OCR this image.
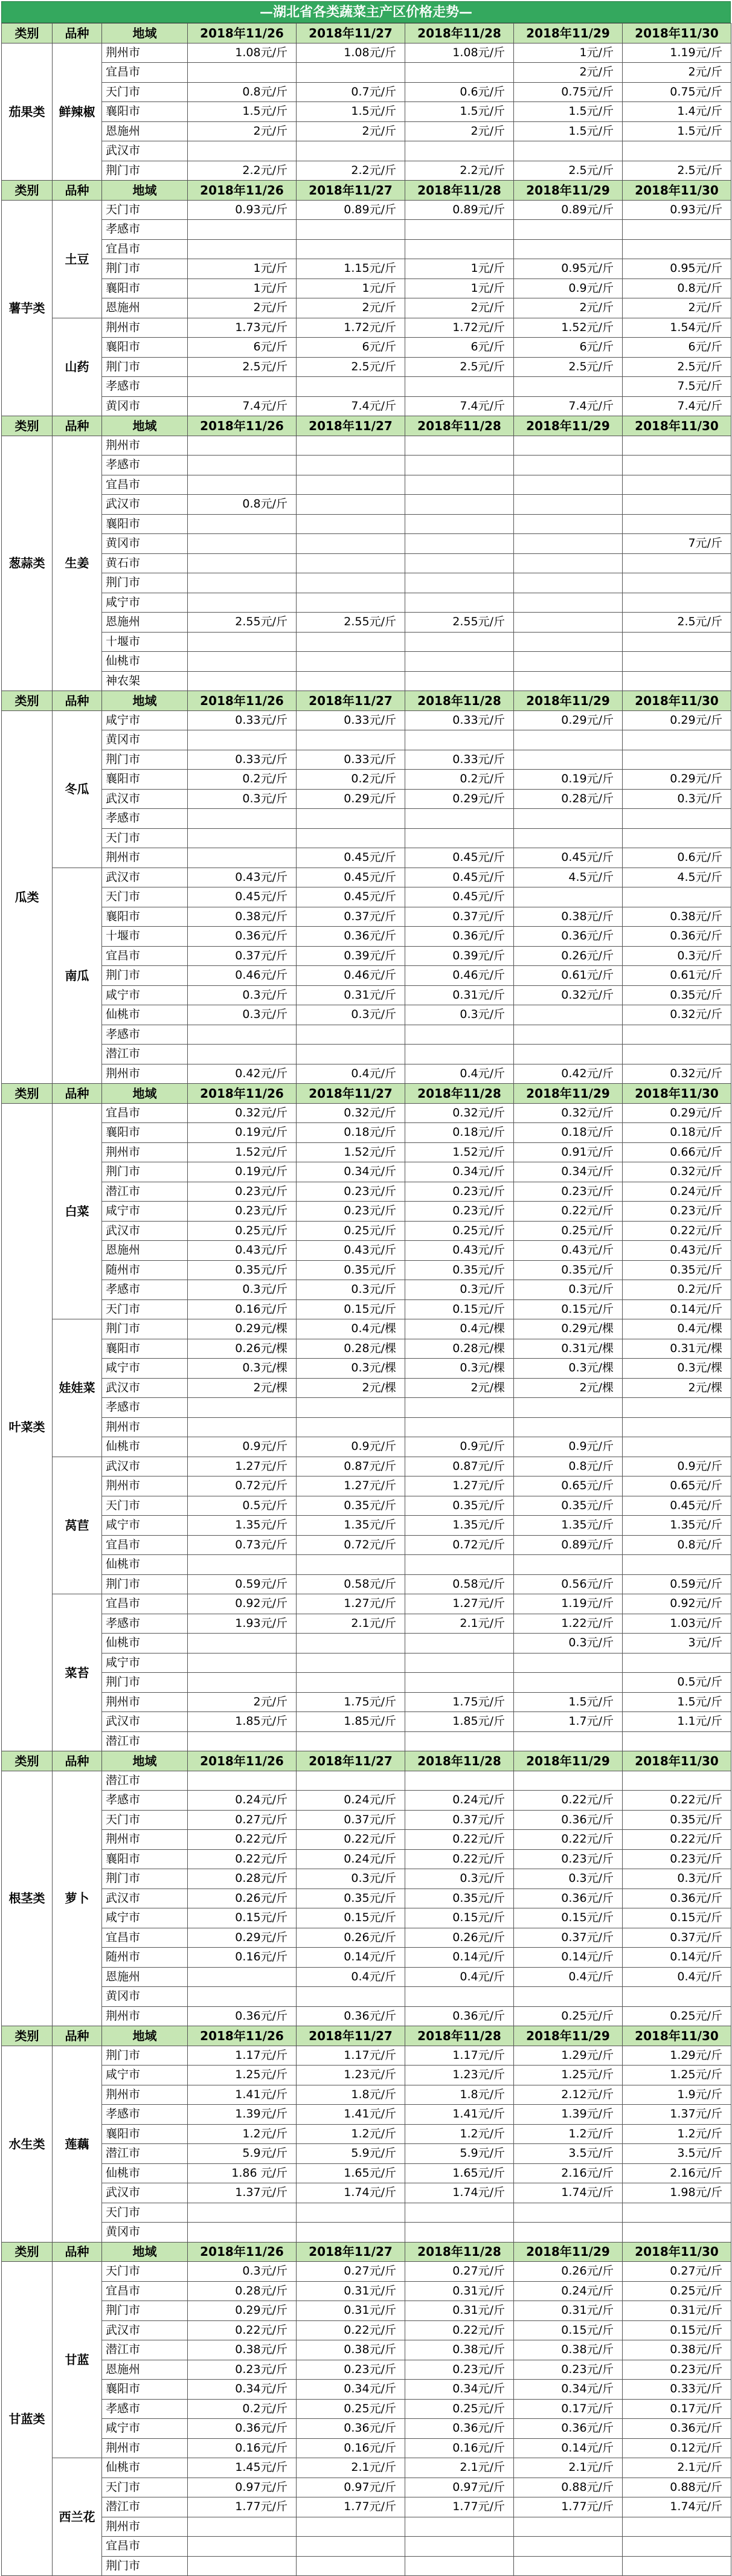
—湖北省各类蔬菜主产区价格走势—
类别	品种	地域	2018年11/26	2018年11/27	2018年11/28	2018年11/29	2018年11/30
茄果类	鲜辣椒	荆州市	1.08元/斤	1.08元/斤	1.08元/斤	1元/斤	1.19元/斤
		宜昌市				2元/斤	2元/斤
		天门市	0.8元/斤	0.7元/斤	0.6元/斤	0.75元/斤	0.75元/斤
		襄阳市	1.5元/斤	1.5元/斤	1.5元/斤	1.5元/斤	1.4元/斤
		恩施州	2元/斤	2元/斤	2元/斤	1.5元/斤	1.5元/斤
		武汉市					
		荆门市	2.2元/斤	2.2元/斤	2.2元/斤	2.5元/斤	2.5元/斤
类别	品种	地域	2018年11/26	2018年11/27	2018年11/28	2018年11/29	2018年11/30
薯芋类	土豆	天门市	0.93元/斤	0.89元/斤	0.89元/斤	0.89元/斤	0.93元/斤
		孝感市					
		宜昌市					
		荆门市	1元/斤	1.15元/斤	1元/斤	0.95元/斤	0.95元/斤
		襄阳市	1元/斤	1元/斤	1元/斤	0.9元/斤	0.8元/斤
		恩施州	2元/斤	2元/斤	2元/斤	2元/斤	2元/斤
	山药	荆州市	1.73元/斤	1.72元/斤	1.72元/斤	1.52元/斤	1.54元/斤
		襄阳市	6元/斤	6元/斤	6元/斤	6元/斤	6元/斤
		荆门市	2.5元/斤	2.5元/斤	2.5元/斤	2.5元/斤	2.5元/斤
		孝感市					7.5元/斤
		黄冈市	7.4元/斤	7.4元/斤	7.4元/斤	7.4元/斤	7.4元/斤
类别	品种	地域	2018年11/26	2018年11/27	2018年11/28	2018年11/29	2018年11/30
葱蒜类	生姜	荆州市					
		孝感市					
		宜昌市					
		武汉市	0.8元/斤				
		襄阳市					
		黄冈市					7元/斤
		黄石市					
		荆门市					
		咸宁市					
		恩施州	2.55元/斤	2.55元/斤	2.55元/斤		2.5元/斤
		十堰市					
		仙桃市					
		神农架					
类别	品种	地域	2018年11/26	2018年11/27	2018年11/28	2018年11/29	2018年11/30
瓜类	冬瓜	咸宁市	0.33元/斤	0.33元/斤	0.33元/斤	0.29元/斤	0.29元/斤
		黄冈市					
		荆门市	0.33元/斤	0.33元/斤	0.33元/斤		
		襄阳市	0.2元/斤	0.2元/斤	0.2元/斤	0.19元/斤	0.29元/斤
		武汉市	0.3元/斤	0.29元/斤	0.29元/斤	0.28元/斤	0.3元/斤
		孝感市					
		天门市					
		荆州市		0.45元/斤	0.45元/斤	0.45元/斤	0.6元/斤
	南瓜	武汉市	0.43元/斤	0.45元/斤	0.45元/斤	4.5元/斤	4.5元/斤
		天门市	0.45元/斤	0.45元/斤	0.45元/斤		
		襄阳市	0.38元/斤	0.37元/斤	0.37元/斤	0.38元/斤	0.38元/斤
		十堰市	0.36元/斤	0.36元/斤	0.36元/斤	0.36元/斤	0.36元/斤
		宜昌市	0.37元/斤	0.39元/斤	0.39元/斤	0.26元/斤	0.3元/斤
		荆门市	0.46元/斤	0.46元/斤	0.46元/斤	0.61元/斤	0.61元/斤
		咸宁市	0.3元/斤	0.31元/斤	0.31元/斤	0.32元/斤	0.35元/斤
		仙桃市	0.3元/斤	0.3元/斤	0.3元/斤		0.32元/斤
		孝感市					
		潜江市					
		荆州市	0.42元/斤	0.4元/斤	0.4元/斤	0.42元/斤	0.32元/斤
类别	品种	地域	2018年11/26	2018年11/27	2018年11/28	2018年11/29	2018年11/30
叶菜类	白菜	宜昌市	0.32元/斤	0.32元/斤	0.32元/斤	0.32元/斤	0.29元/斤
		襄阳市	0.19元/斤	0.18元/斤	0.18元/斤	0.18元/斤	0.18元/斤
		荆州市	1.52元/斤	1.52元/斤	1.52元/斤	0.91元/斤	0.66元/斤
		荆门市	0.19元/斤	0.34元/斤	0.34元/斤	0.34元/斤	0.32元/斤
		潜江市	0.23元/斤	0.23元/斤	0.23元/斤	0.23元/斤	0.24元/斤
		咸宁市	0.23元/斤	0.23元/斤	0.23元/斤	0.22元/斤	0.23元/斤
		武汉市	0.25元/斤	0.25元/斤	0.25元/斤	0.25元/斤	0.22元/斤
		恩施州	0.43元/斤	0.43元/斤	0.43元/斤	0.43元/斤	0.43元/斤
		随州市	0.35元/斤	0.35元/斤	0.35元/斤	0.35元/斤	0.35元/斤
		孝感市	0.3元/斤	0.3元/斤	0.3元/斤	0.3元/斤	0.2元/斤
		天门市	0.16元/斤	0.15元/斤	0.15元/斤	0.15元/斤	0.14元/斤
	娃娃菜	荆门市	0.29元/棵	0.4元/棵	0.4元/棵	0.29元/棵	0.4元/棵
		襄阳市	0.26元/棵	0.28元/棵	0.28元/棵	0.31元/棵	0.31元/棵
		咸宁市	0.3元/棵	0.3元/棵	0.3元/棵	0.3元/棵	0.3元/棵
		武汉市	2元/棵	2元/棵	2元/棵	2元/棵	2元/棵
		孝感市					
		荆州市					
		仙桃市	0.9元/斤	0.9元/斤	0.9元/斤	0.9元/斤	
	莴苣	武汉市	1.27元/斤	0.87元/斤	0.87元/斤	0.8元/斤	0.9元/斤
		荆州市	0.72元/斤	1.27元/斤	1.27元/斤	0.65元/斤	0.65元/斤
		天门市	0.5元/斤	0.35元/斤	0.35元/斤	0.35元/斤	0.45元/斤
		咸宁市	1.35元/斤	1.35元/斤	1.35元/斤	1.35元/斤	1.35元/斤
		宜昌市	0.73元/斤	0.72元/斤	0.72元/斤	0.89元/斤	0.8元/斤
		仙桃市					
		荆门市	0.59元/斤	0.58元/斤	0.58元/斤	0.56元/斤	0.59元/斤
	菜苔	宜昌市	0.92元/斤	1.27元/斤	1.27元/斤	1.19元/斤	0.92元/斤
		孝感市	1.93元/斤	2.1元/斤	2.1元/斤	1.22元/斤	1.03元/斤
		仙桃市				0.3元/斤	3元/斤
		咸宁市					
		荆门市					0.5元/斤
		荆州市	2元/斤	1.75元/斤	1.75元/斤	1.5元/斤	1.5元/斤
		武汉市	1.85元/斤	1.85元/斤	1.85元/斤	1.7元/斤	1.1元/斤
		潜江市					
类别	品种	地域	2018年11/26	2018年11/27	2018年11/28	2018年11/29	2018年11/30
根茎类	萝卜	潜江市					
		孝感市	0.24元/斤	0.24元/斤	0.24元/斤	0.22元/斤	0.22元/斤
		天门市	0.27元/斤	0.37元/斤	0.37元/斤	0.36元/斤	0.35元/斤
		荆州市	0.22元/斤	0.22元/斤	0.22元/斤	0.22元/斤	0.22元/斤
		襄阳市	0.22元/斤	0.24元/斤	0.22元/斤	0.23元/斤	0.23元/斤
		荆门市	0.28元/斤	0.3元/斤	0.3元/斤	0.3元/斤	0.3元/斤
		武汉市	0.26元/斤	0.35元/斤	0.35元/斤	0.36元/斤	0.36元/斤
		咸宁市	0.15元/斤	0.15元/斤	0.15元/斤	0.15元/斤	0.15元/斤
		宜昌市	0.29元/斤	0.26元/斤	0.26元/斤	0.37元/斤	0.37元/斤
		随州市	0.16元/斤	0.14元/斤	0.14元/斤	0.14元/斤	0.14元/斤
		恩施州		0.4元/斤	0.4元/斤	0.4元/斤	0.4元/斤
		黄冈市					
		荆州市	0.36元/斤	0.36元/斤	0.36元/斤	0.25元/斤	0.25元/斤
类别	品种	地域	2018年11/26	2018年11/27	2018年11/28	2018年11/29	2018年11/30
水生类	莲藕	荆门市	1.17元/斤	1.17元/斤	1.17元/斤	1.29元/斤	1.29元/斤
		咸宁市	1.25元/斤	1.23元/斤	1.23元/斤	1.25元/斤	1.25元/斤
		荆州市	1.41元/斤	1.8元/斤	1.8元/斤	2.12元/斤	1.9元/斤
		孝感市	1.39元/斤	1.41元/斤	1.41元/斤	1.39元/斤	1.37元/斤
		襄阳市	1.2元/斤	1.2元/斤	1.2元/斤	1.2元/斤	1.2元/斤
		潜江市	5.9元/斤	5.9元/斤	5.9元/斤	3.5元/斤	3.5元/斤
		仙桃市	1.86 元/斤	1.65元/斤	1.65元/斤	2.16元/斤	2.16元/斤
		武汉市	1.37元/斤	1.74元/斤	1.74元/斤	1.74元/斤	1.98元/斤
		天门市					
		黄冈市					
类别	品种	地域	2018年11/26	2018年11/27	2018年11/28	2018年11/29	2018年11/30
甘蓝类	甘蓝	天门市	0.3元/斤	0.27元/斤	0.27元/斤	0.26元/斤	0.27元/斤
		宜昌市	0.28元/斤	0.31元/斤	0.31元/斤	0.24元/斤	0.25元/斤
		荆门市	0.29元/斤	0.31元/斤	0.31元/斤	0.31元/斤	0.31元/斤
		武汉市	0.22元/斤	0.22元/斤	0.22元/斤	0.15元/斤	0.15元/斤
		潜江市	0.38元/斤	0.38元/斤	0.38元/斤	0.38元/斤	0.38元/斤
		恩施州	0.23元/斤	0.23元/斤	0.23元/斤	0.23元/斤	0.23元/斤
		襄阳市	0.34元/斤	0.34元/斤	0.34元/斤	0.34元/斤	0.33元/斤
		孝感市	0.2元/斤	0.25元/斤	0.25元/斤	0.17元/斤	0.17元/斤
		咸宁市	0.36元/斤	0.36元/斤	0.36元/斤	0.36元/斤	0.36元/斤
		荆州市	0.16元/斤	0.16元/斤	0.16元/斤	0.14元/斤	0.12元/斤
	西兰花	仙桃市	1.45元/斤	2.1元/斤	2.1元/斤	2.1元/斤	2.1元/斤
		天门市	0.97元/斤	0.97元/斤	0.97元/斤	0.88元/斤	0.88元/斤
		潜江市	1.77元/斤	1.77元/斤	1.77元/斤	1.77元/斤	1.74元/斤
		荆州市					
		宜昌市					
		荆门市					
